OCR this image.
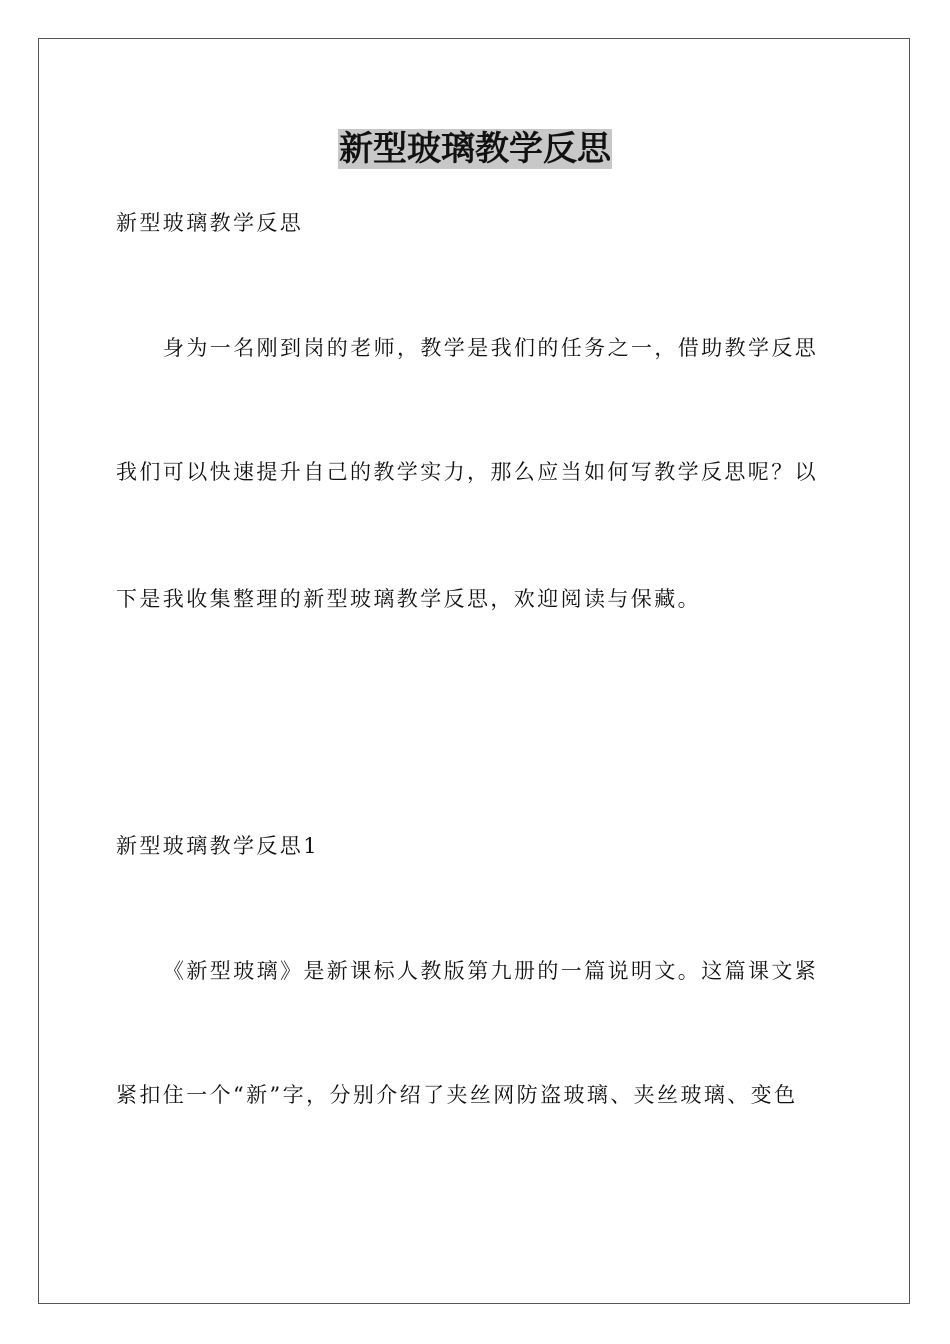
新型玻璃教学反思

新型玻璃教学反思

身为一名刚到岗的老师，教学是我们的任务之一，借助教学反思

我们可以快速提升自己的教学实力，那么应当如何写教学反思呢？以

下是我收集整理的新型玻璃教学反思，欢迎阅读与保藏。

新型玻璃教学反思1

《新型玻璃》是新课标人教版第九册的一篇说明文。这篇课文紧

紧扣住一个“新”字，分别介绍了夹丝网防盗玻璃、夹丝玻璃、变色
